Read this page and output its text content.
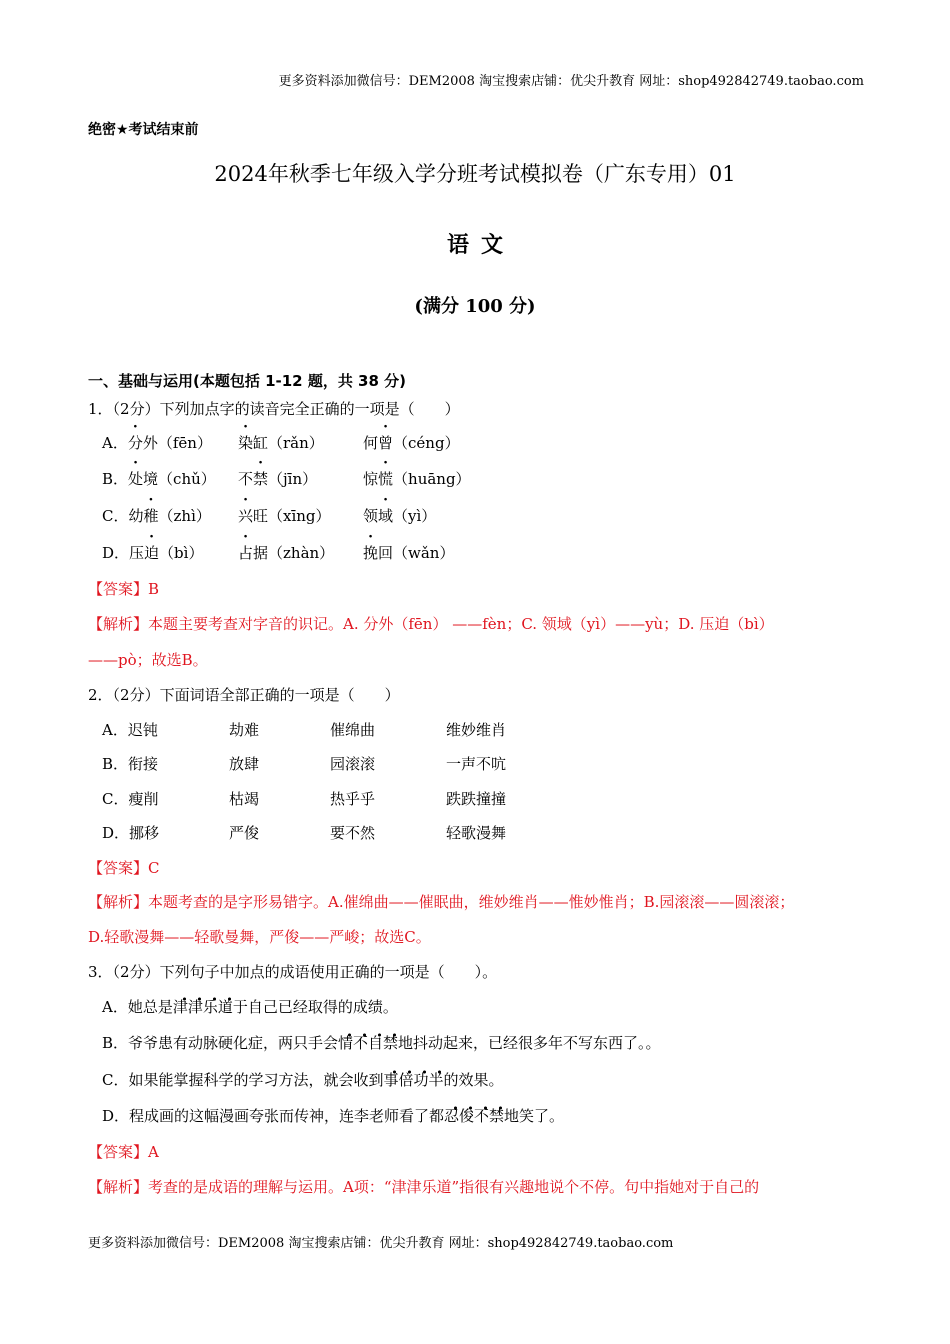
更多资料添加微信号：DEM2008 淘宝搜索店铺：优尖升教育 网址：shop492842749.taobao.com
绝密★考试结束前
2024年秋季七年级入学分班考试模拟卷（广东专用）01
语文
(满分 100 分)
一、基础与运用(本题包括 1-12 题，共 38 分)
1．（2分）下列加点字的读音完全正确的一项是（　　）
A．分外（fēn） 染缸（rǎn）	何曾（céng）
B．处境（chǔ） 不禁（jīn）	惊慌（huāng）
C．幼稚（zhì） 兴旺（xīng） 领域（yì）
D．压迫（bì） 占据（zhàn） 挽回（wǎn）
【答案】B
【解析】本题主要考查对字音的识记。A. 分外（fēn） ——fèn；C. 领域（yì）——yù；D. 压迫（bì）
——pò；故选B。
2．（2分）下面词语全部正确的一项是（　　）
A．迟钝	劫难	催绵曲	维妙维肖
B．衔接	放肆	园滚滚	一声不吭
C．瘦削	枯竭	热乎乎	跌跌撞撞
D．挪移	严俊	要不然	轻歌漫舞
【答案】C
【解析】本题考查的是字形易错字。A.催绵曲——催眠曲，维妙维肖——惟妙惟肖；B.园滚滚——圆滚滚；
D.轻歌漫舞——轻歌曼舞，严俊——严峻；故选C。
3．（2分）下列句子中加点的成语使用正确的一项是（　　）。
A．她总是津津乐道于自己已经取得的成绩。
B．爷爷患有动脉硬化症，两只手会情不自禁地抖动起来，已经很多年不写东西了。。
C．如果能掌握科学的学习方法，就会收到事倍功半的效果。
D．程成画的这幅漫画夸张而传神，连李老师看了都忍俊不禁地笑了。
【答案】A
【解析】考查的是成语的理解与运用。A项：“津津乐道”指很有兴趣地说个不停。句中指她对于自己的
更多资料添加微信号：DEM2008 淘宝搜索店铺：优尖升教育 网址：shop492842749.taobao.com
